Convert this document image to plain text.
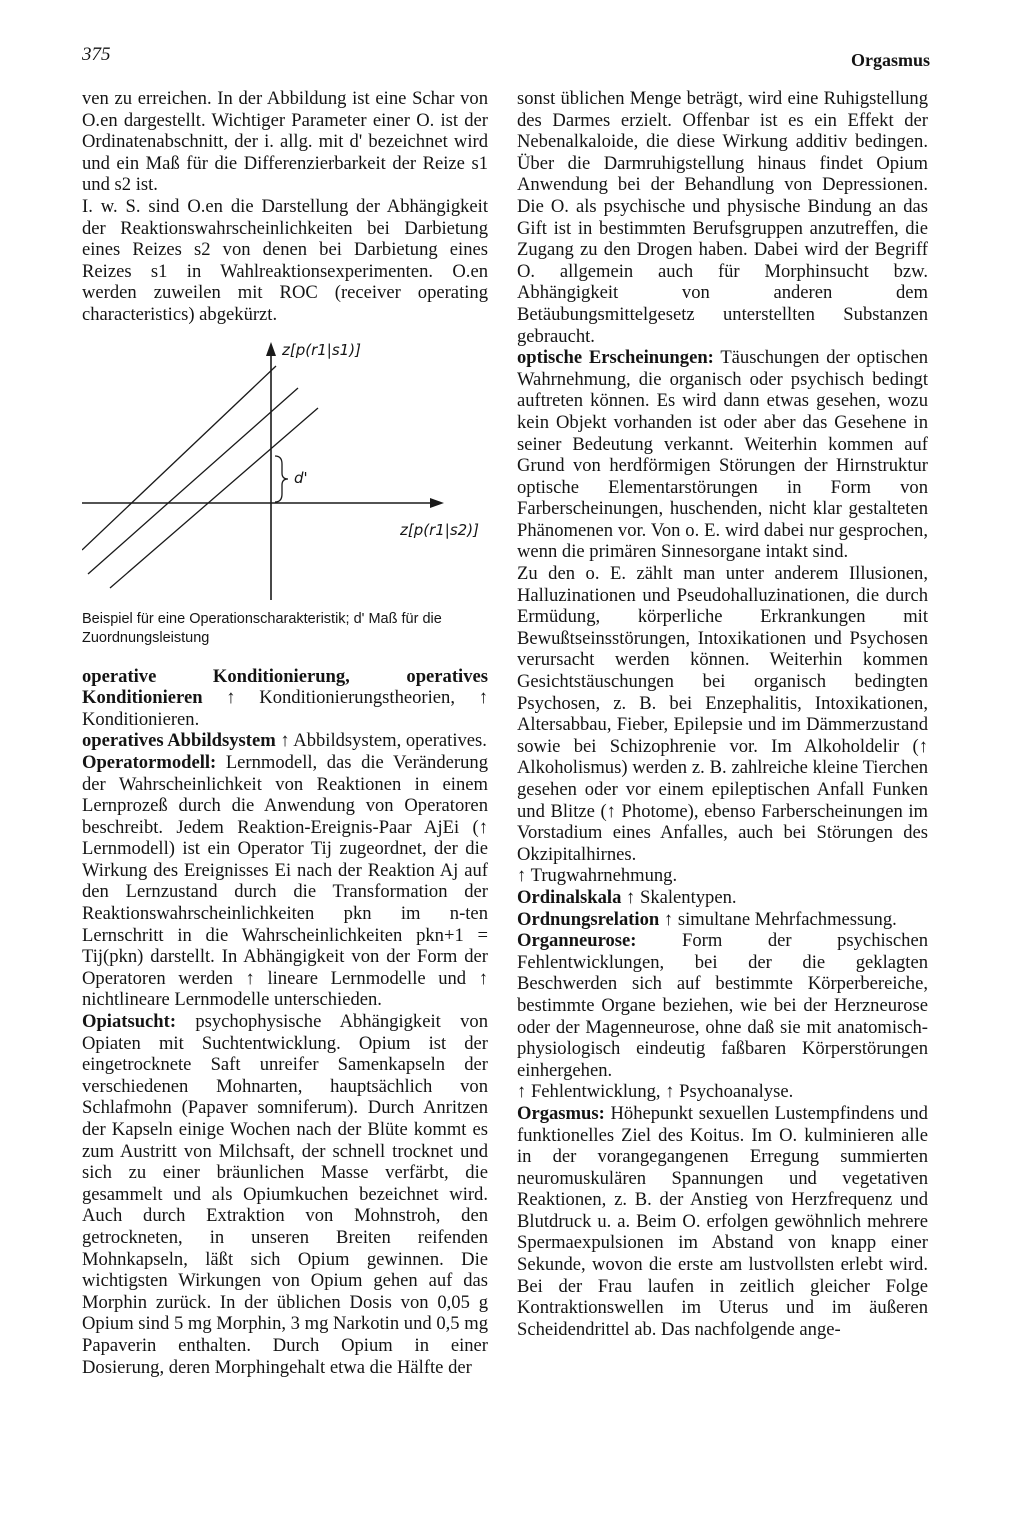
375	Orgasmus

ven zu erreichen. In der Abbildung ist eine Schar von O.en dargestellt. Wichtiger Parameter einer O. ist der Ordinatenabschnitt, der i. allg. mit d' bezeichnet wird und ein Maß für die Differenzierbarkeit der Reize s1 und s2 ist.

I. w. S. sind O.en die Darstellung der Abhängigkeit der Reaktionswahrscheinlichkeiten bei Darbietung eines Reizes s2 von denen bei Darbietung eines Reizes s1 in Wahlreaktionsexperimenten. O.en werden zuweilen mit ROC (receiver operating characteristics) abgekürzt.

z[p(r1|s1)]
d'
z[p(r1|s2)]
Beispiel für eine Operationscharakteristik; d' Maß für die Zuordnungsleistung

operative Konditionierung, operatives Konditionieren ↑ Konditionierungstheorien, ↑ Konditionieren.

operatives Abbildsystem ↑ Abbildsystem, operatives.

Operatormodell: Lernmodell, das die Veränderung der Wahrscheinlichkeit von Reaktionen in einem Lernprozeß durch die Anwendung von Operatoren beschreibt. Jedem Reaktion-Ereignis-Paar AjEi (↑ Lernmodell) ist ein Operator Tij zugeordnet, der die Wirkung des Ereignisses Ei nach der Reaktion Aj auf den Lernzustand durch die Transformation der Reaktionswahrscheinlichkeiten pkn im n-ten Lernschritt in die Wahrscheinlichkeiten pkn+1 = Tij(pkn) darstellt. In Abhängigkeit von der Form der Operatoren werden ↑ lineare Lernmodelle und ↑ nichtlineare Lernmodelle unterschieden.

Opiatsucht: psychophysische Abhängigkeit von Opiaten mit Suchtentwicklung. Opium ist der eingetrocknete Saft unreifer Samenkapseln der verschiedenen Mohnarten, hauptsächlich von Schlafmohn (Papaver somniferum). Durch Anritzen der Kapseln einige Wochen nach der Blüte kommt es zum Austritt von Milchsaft, der schnell trocknet und sich zu einer bräunlichen Masse verfärbt, die gesammelt und als Opiumkuchen bezeichnet wird. Auch durch Extraktion von Mohnstroh, den getrockneten, in unseren Breiten reifenden Mohnkapseln, läßt sich Opium gewinnen. Die wichtigsten Wirkungen von Opium gehen auf das Morphin zurück. In der üblichen Dosis von 0,05 g Opium sind 5 mg Morphin, 3 mg Narkotin und 0,5 mg Papaverin enthalten. Durch Opium in einer Dosierung, deren Morphingehalt etwa die Hälfte der

sonst üblichen Menge beträgt, wird eine Ruhigstellung des Darmes erzielt. Offenbar ist es ein Effekt der Nebenalkaloide, die diese Wirkung additiv bedingen. Über die Darmruhigstellung hinaus findet Opium Anwendung bei der Behandlung von Depressionen. Die O. als psychische und physische Bindung an das Gift ist in bestimmten Berufsgruppen anzutreffen, die Zugang zu den Drogen haben. Dabei wird der Begriff O. allgemein auch für Morphinsucht bzw. Abhängigkeit von anderen dem Betäubungsmittelgesetz unterstellten Substanzen gebraucht.

optische Erscheinungen: Täuschungen der optischen Wahrnehmung, die organisch oder psychisch bedingt auftreten können. Es wird dann etwas gesehen, wozu kein Objekt vorhanden ist oder aber das Gesehene in seiner Bedeutung verkannt. Weiterhin kommen auf Grund von herdförmigen Störungen der Hirnstruktur optische Elementarstörungen in Form von Farberscheinungen, huschenden, nicht klar gestalteten Phänomenen vor. Von o. E. wird dabei nur gesprochen, wenn die primären Sinnesorgane intakt sind.

Zu den o. E. zählt man unter anderem Illusionen, Halluzinationen und Pseudohalluzinationen, die durch Ermüdung, körperliche Erkrankungen mit Bewußtseinsstörungen, Intoxikationen und Psychosen verursacht werden können. Weiterhin kommen Gesichtstäuschungen bei organisch bedingten Psychosen, z. B. bei Enzephalitis, Intoxikationen, Altersabbau, Fieber, Epilepsie und im Dämmerzustand sowie bei Schizophrenie vor. Im Alkoholdelir (↑ Alkoholismus) werden z. B. zahlreiche kleine Tierchen gesehen oder vor einem epileptischen Anfall Funken und Blitze (↑ Photome), ebenso Farberscheinungen im Vorstadium eines Anfalles, auch bei Störungen des Okzipitalhirnes.

↑ Trugwahrnehmung.

Ordinalskala ↑ Skalentypen.

Ordnungsrelation ↑ simultane Mehrfachmessung.

Organneurose: Form der psychischen Fehlentwicklungen, bei der die geklagten Beschwerden sich auf bestimmte Körperbereiche, bestimmte Organe beziehen, wie bei der Herzneurose oder der Magenneurose, ohne daß sie mit anatomisch-physiologisch eindeutig faßbaren Körperstörungen einhergehen.

↑ Fehlentwicklung, ↑ Psychoanalyse.

Orgasmus: Höhepunkt sexuellen Lustempfindens und funktionelles Ziel des Koitus. Im O. kulminieren alle in der vorangegangenen Erregung summierten neuromuskulären Spannungen und vegetativen Reaktionen, z. B. der Anstieg von Herzfrequenz und Blutdruck u. a. Beim O. erfolgen gewöhnlich mehrere Spermaexpulsionen im Abstand von knapp einer Sekunde, wovon die erste am lustvollsten erlebt wird. Bei der Frau laufen in zeitlich gleicher Folge Kontraktionswellen im Uterus und im äußeren Scheidendrittel ab. Das nachfolgende ange-
